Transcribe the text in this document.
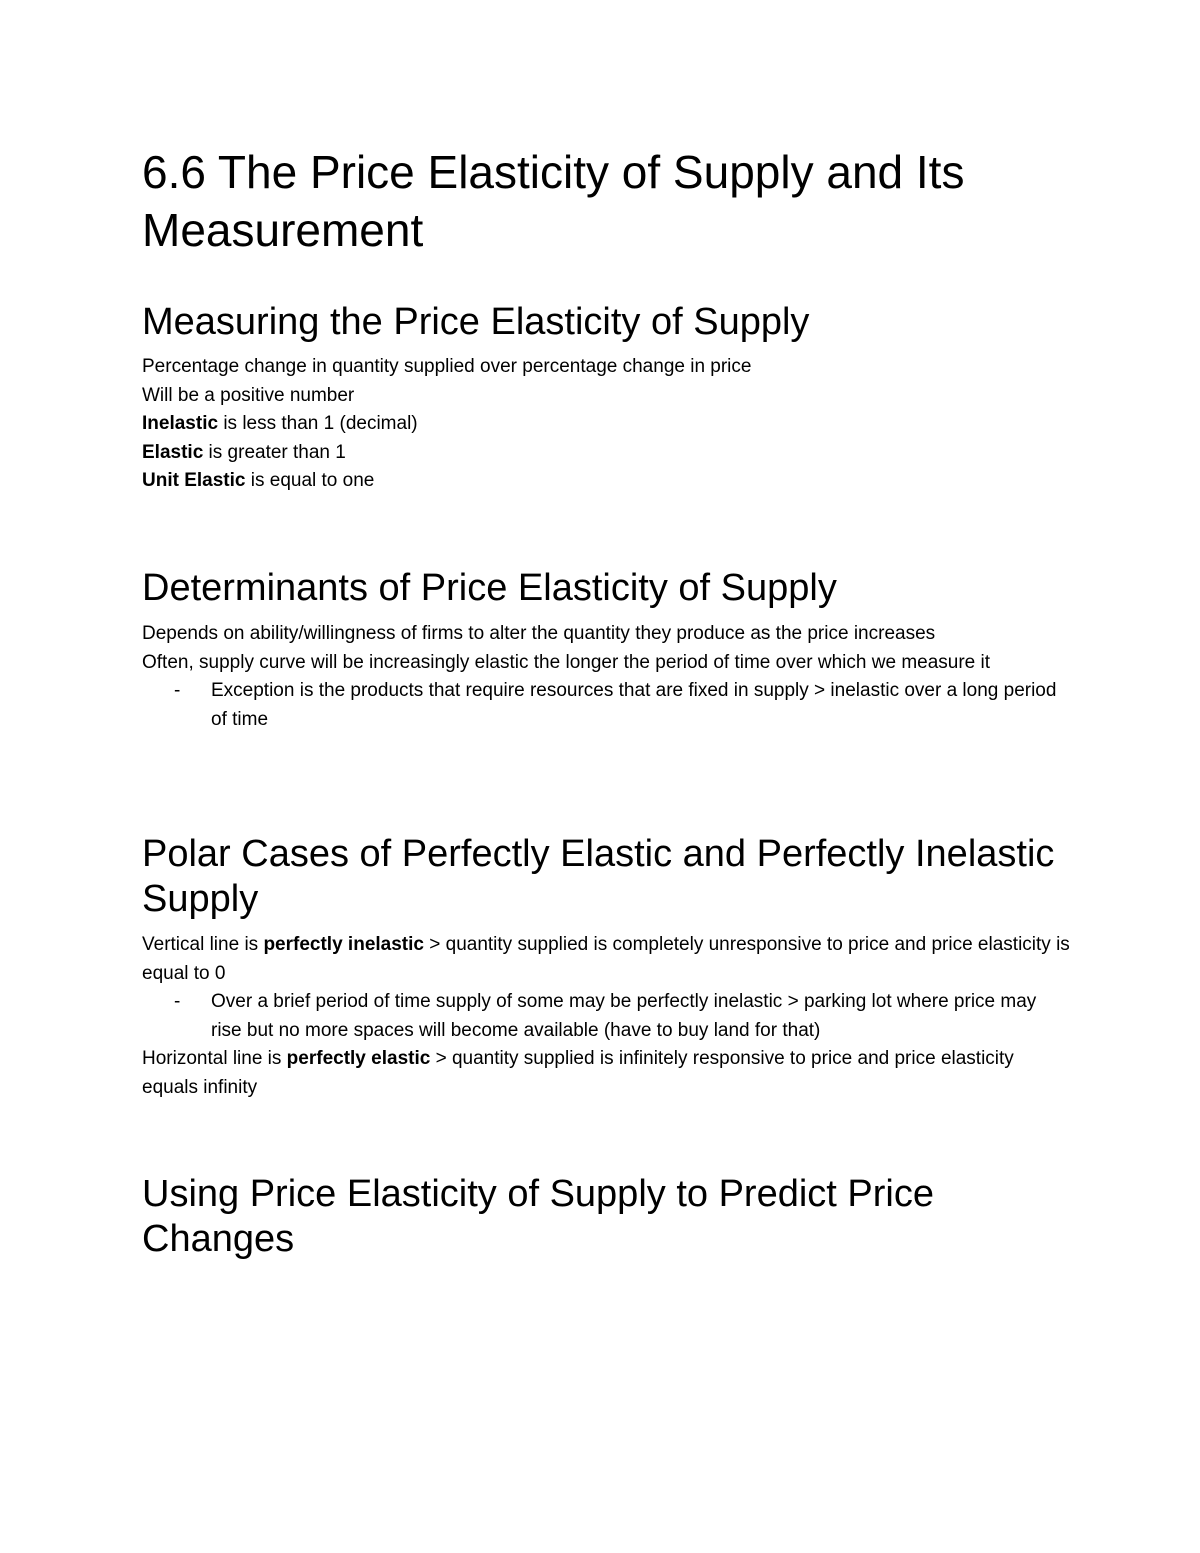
6.6 The Price Elasticity of Supply and Its Measurement
Measuring the Price Elasticity of Supply
Percentage change in quantity supplied over percentage change in price
Will be a positive number
Inelastic is less than 1 (decimal)
Elastic is greater than 1
Unit Elastic is equal to one
Determinants of Price Elasticity of Supply
Depends on ability/willingness of firms to alter the quantity they produce as the price increases
Often, supply curve will be increasingly elastic the longer the period of time over which we measure it
- Exception is the products that require resources that are fixed in supply > inelastic over a long period of time
Polar Cases of Perfectly Elastic and Perfectly Inelastic Supply
Vertical line is perfectly inelastic > quantity supplied is completely unresponsive to price and price elasticity is equal to 0
- Over a brief period of time supply of some may be perfectly inelastic > parking lot where price may rise but no more spaces will become available (have to buy land for that)
Horizontal line is perfectly elastic > quantity supplied is infinitely responsive to price and price elasticity equals infinity
Using Price Elasticity of Supply to Predict Price Changes
